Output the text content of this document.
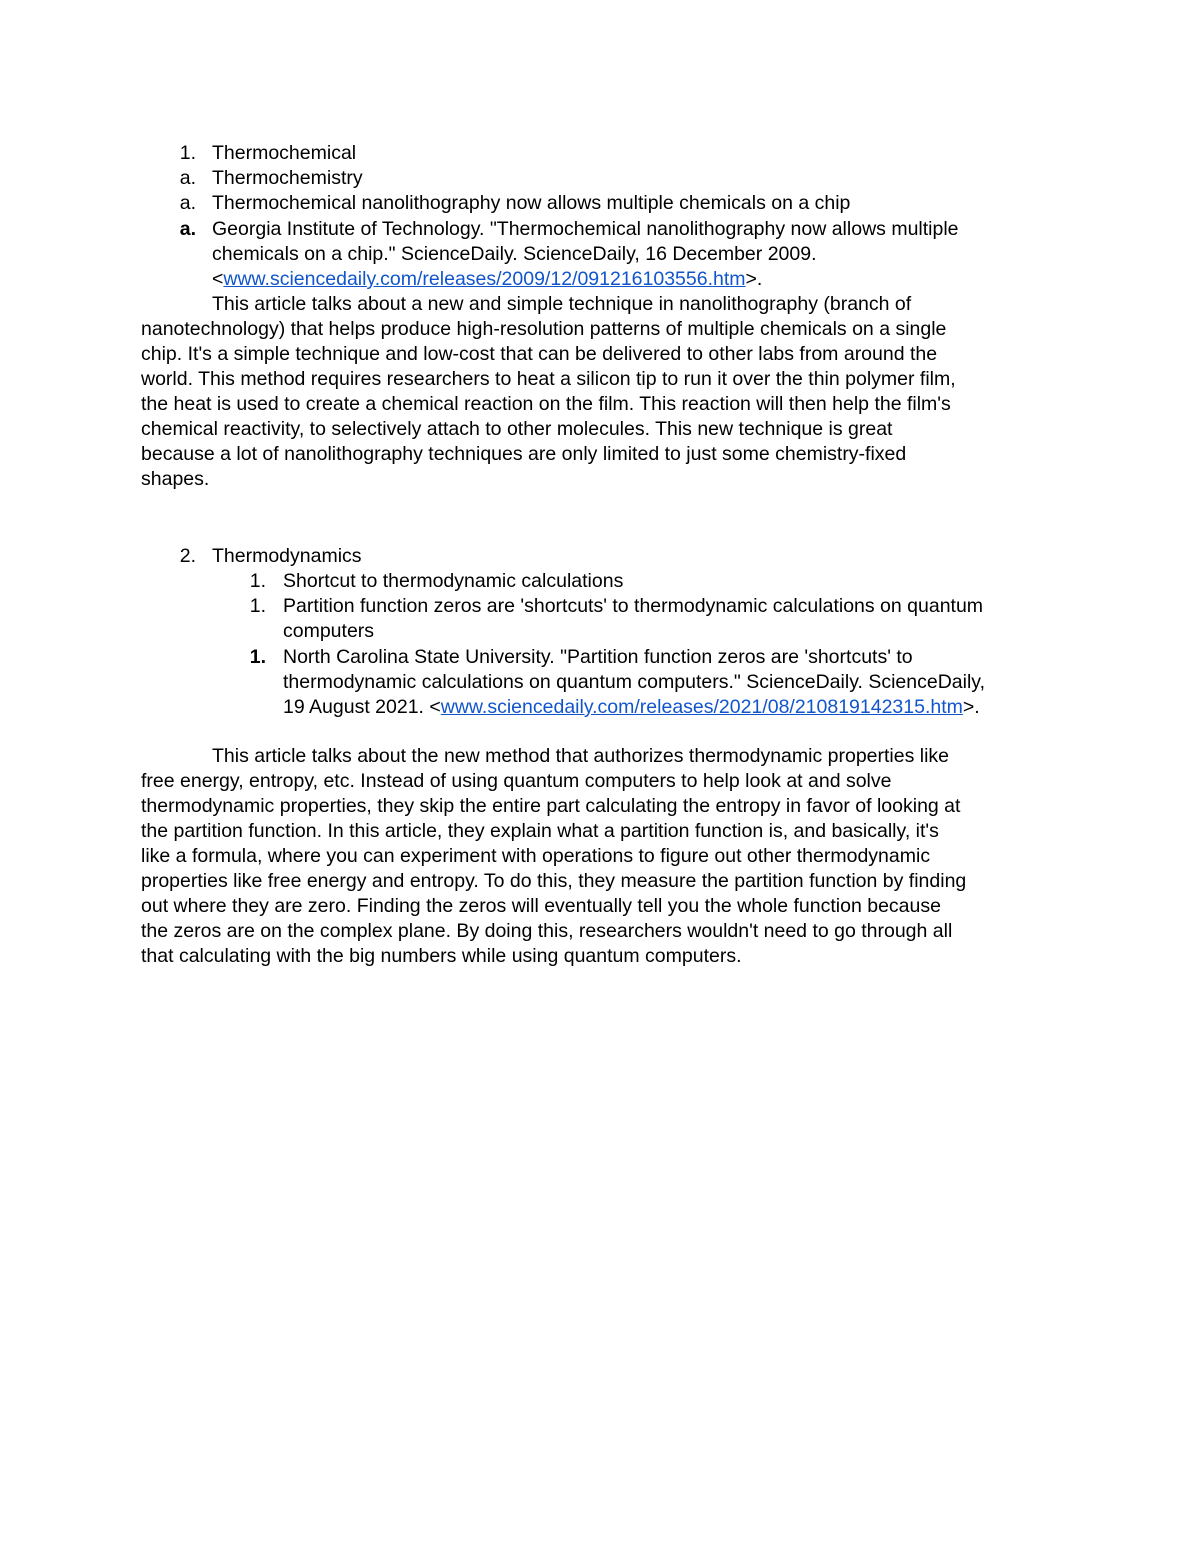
1. Thermochemical
a. Thermochemistry
a. Thermochemical nanolithography now allows multiple chemicals on a chip
a. Georgia Institute of Technology. "Thermochemical nanolithography now allows multiple
chemicals on a chip." ScienceDaily. ScienceDaily, 16 December 2009.
<www.sciencedaily.com/releases/2009/12/091216103556.htm>.
This article talks about a new and simple technique in nanolithography (branch of
nanotechnology) that helps produce high-resolution patterns of multiple chemicals on a single
chip. It's a simple technique and low-cost that can be delivered to other labs from around the
world. This method requires researchers to heat a silicon tip to run it over the thin polymer film,
the heat is used to create a chemical reaction on the film. This reaction will then help the film's
chemical reactivity, to selectively attach to other molecules. This new technique is great
because a lot of nanolithography techniques are only limited to just some chemistry-fixed
shapes.
2. Thermodynamics
1. Shortcut to thermodynamic calculations
1. Partition function zeros are 'shortcuts' to thermodynamic calculations on quantum
computers
1. North Carolina State University. "Partition function zeros are 'shortcuts' to
thermodynamic calculations on quantum computers." ScienceDaily. ScienceDaily,
19 August 2021. <www.sciencedaily.com/releases/2021/08/210819142315.htm>.
This article talks about the new method that authorizes thermodynamic properties like
free energy, entropy, etc. Instead of using quantum computers to help look at and solve
thermodynamic properties, they skip the entire part calculating the entropy in favor of looking at
the partition function. In this article, they explain what a partition function is, and basically, it's
like a formula, where you can experiment with operations to figure out other thermodynamic
properties like free energy and entropy. To do this, they measure the partition function by finding
out where they are zero. Finding the zeros will eventually tell you the whole function because
the zeros are on the complex plane. By doing this, researchers wouldn't need to go through all
that calculating with the big numbers while using quantum computers.
